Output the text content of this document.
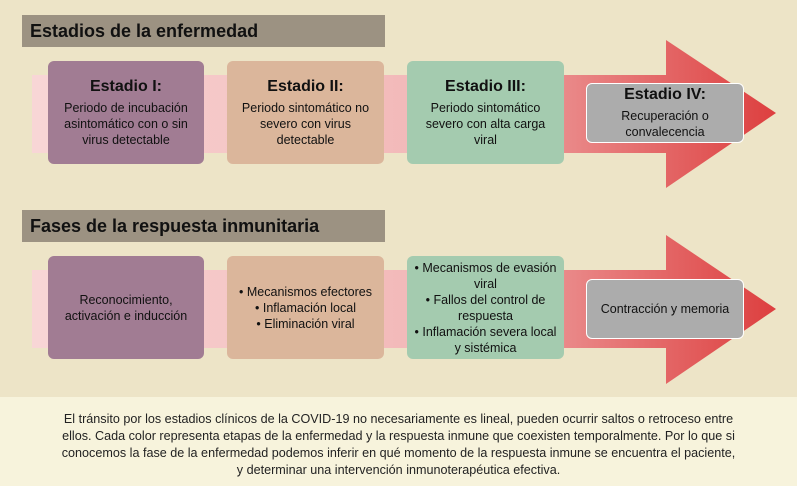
Estadios de la enfermedad
Estadio I:
Periodo de incubación asintomático con o sin virus detectable
Estadio II:
Periodo sintomático no severo con virus detectable
Estadio III:
Periodo sintomático severo con alta carga viral
Estadio IV:
Recuperación o convalecencia
Fases de la respuesta inmunitaria
Reconocimiento, activación e inducción
• Mecanismos efectores
• Inflamación local
• Eliminación viral
• Mecanismos de evasión viral
• Fallos del control de respuesta
• Inflamación severa local y sistémica
Contracción y memoria
El tránsito por los estadios clínicos de la COVID-19 no necesariamente es lineal, pueden ocurrir saltos o retroceso entre ellos. Cada color representa etapas de la enfermedad y la respuesta inmune que coexisten temporalmente. Por lo que si conocemos la fase de la enfermedad podemos inferir en qué momento de la respuesta inmune se encuentra el paciente, y determinar una intervención inmunoterapéutica efectiva.
